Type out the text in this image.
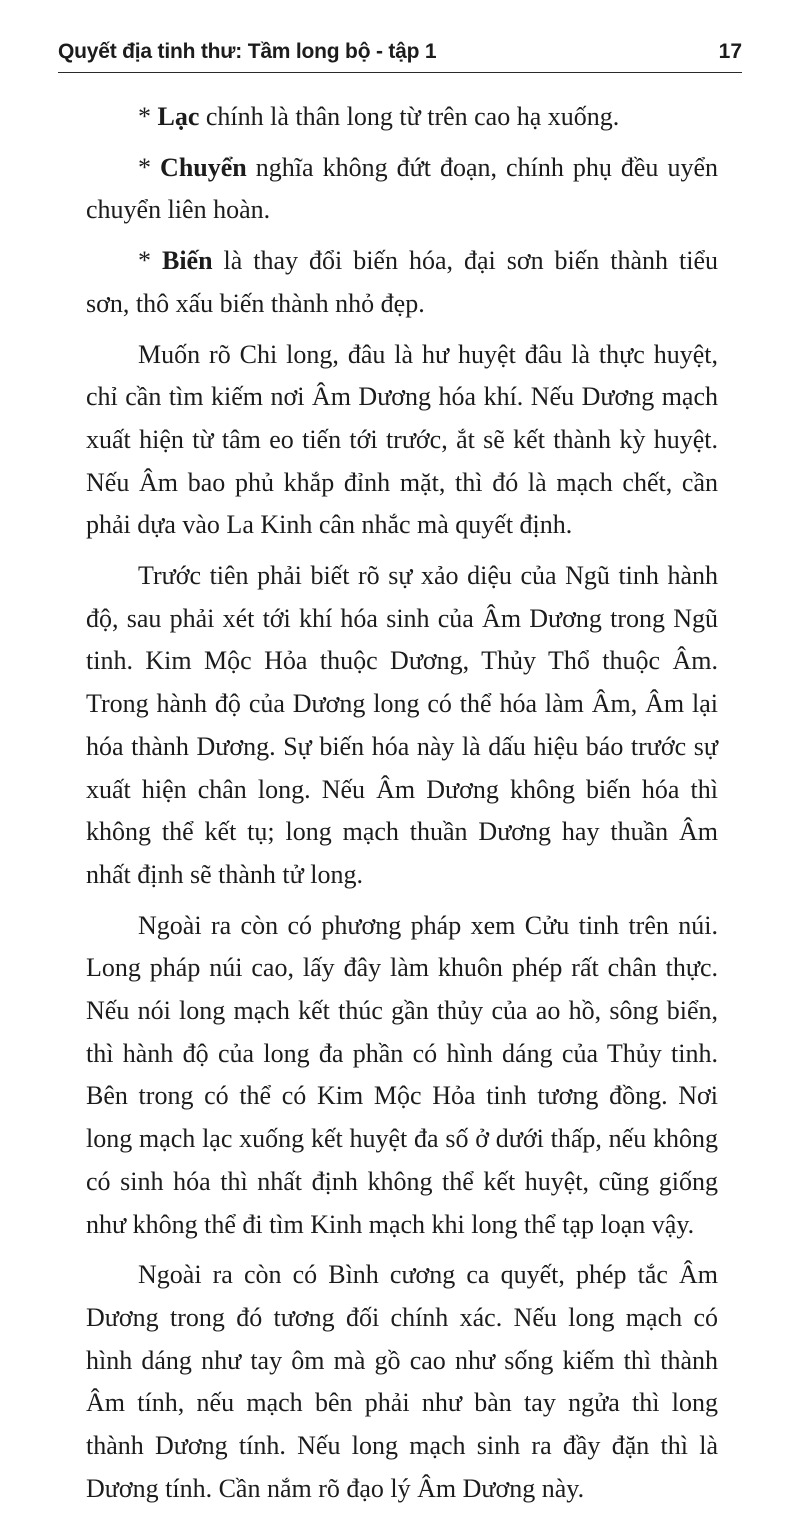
Quyết địa tinh thư: Tầm long bộ - tập 1	17

* Lạc chính là thân long từ trên cao hạ xuống.

* Chuyển nghĩa không đứt đoạn, chính phụ đều uyển chuyển liên hoàn.

* Biến là thay đổi biến hóa, đại sơn biến thành tiểu sơn, thô xấu biến thành nhỏ đẹp.

Muốn rõ Chi long, đâu là hư huyệt đâu là thực huyệt, chỉ cần tìm kiếm nơi Âm Dương hóa khí. Nếu Dương mạch xuất hiện từ tâm eo tiến tới trước, ắt sẽ kết thành kỳ huyệt. Nếu Âm bao phủ khắp đỉnh mặt, thì đó là mạch chết, cần phải dựa vào La Kinh cân nhắc mà quyết định.

Trước tiên phải biết rõ sự xảo diệu của Ngũ tinh hành độ, sau phải xét tới khí hóa sinh của Âm Dương trong Ngũ tinh. Kim Mộc Hỏa thuộc Dương, Thủy Thổ thuộc Âm. Trong hành độ của Dương long có thể hóa làm Âm, Âm lại hóa thành Dương. Sự biến hóa này là dấu hiệu báo trước sự xuất hiện chân long. Nếu Âm Dương không biến hóa thì không thể kết tụ; long mạch thuần Dương hay thuần Âm nhất định sẽ thành tử long.

Ngoài ra còn có phương pháp xem Cửu tinh trên núi. Long pháp núi cao, lấy đây làm khuôn phép rất chân thực. Nếu nói long mạch kết thúc gần thủy của ao hồ, sông biển, thì hành độ của long đa phần có hình dáng của Thủy tinh. Bên trong có thể có Kim Mộc Hỏa tinh tương đồng. Nơi long mạch lạc xuống kết huyệt đa số ở dưới thấp, nếu không có sinh hóa thì nhất định không thể kết huyệt, cũng giống như không thể đi tìm Kinh mạch khi long thể tạp loạn vậy.

Ngoài ra còn có Bình cương ca quyết, phép tắc Âm Dương trong đó tương đối chính xác. Nếu long mạch có hình dáng như tay ôm mà gồ cao như sống kiếm thì thành Âm tính, nếu mạch bên phải như bàn tay ngửa thì long thành Dương tính. Nếu long mạch sinh ra đầy đặn thì là Dương tính. Cần nắm rõ đạo lý Âm Dương này.
